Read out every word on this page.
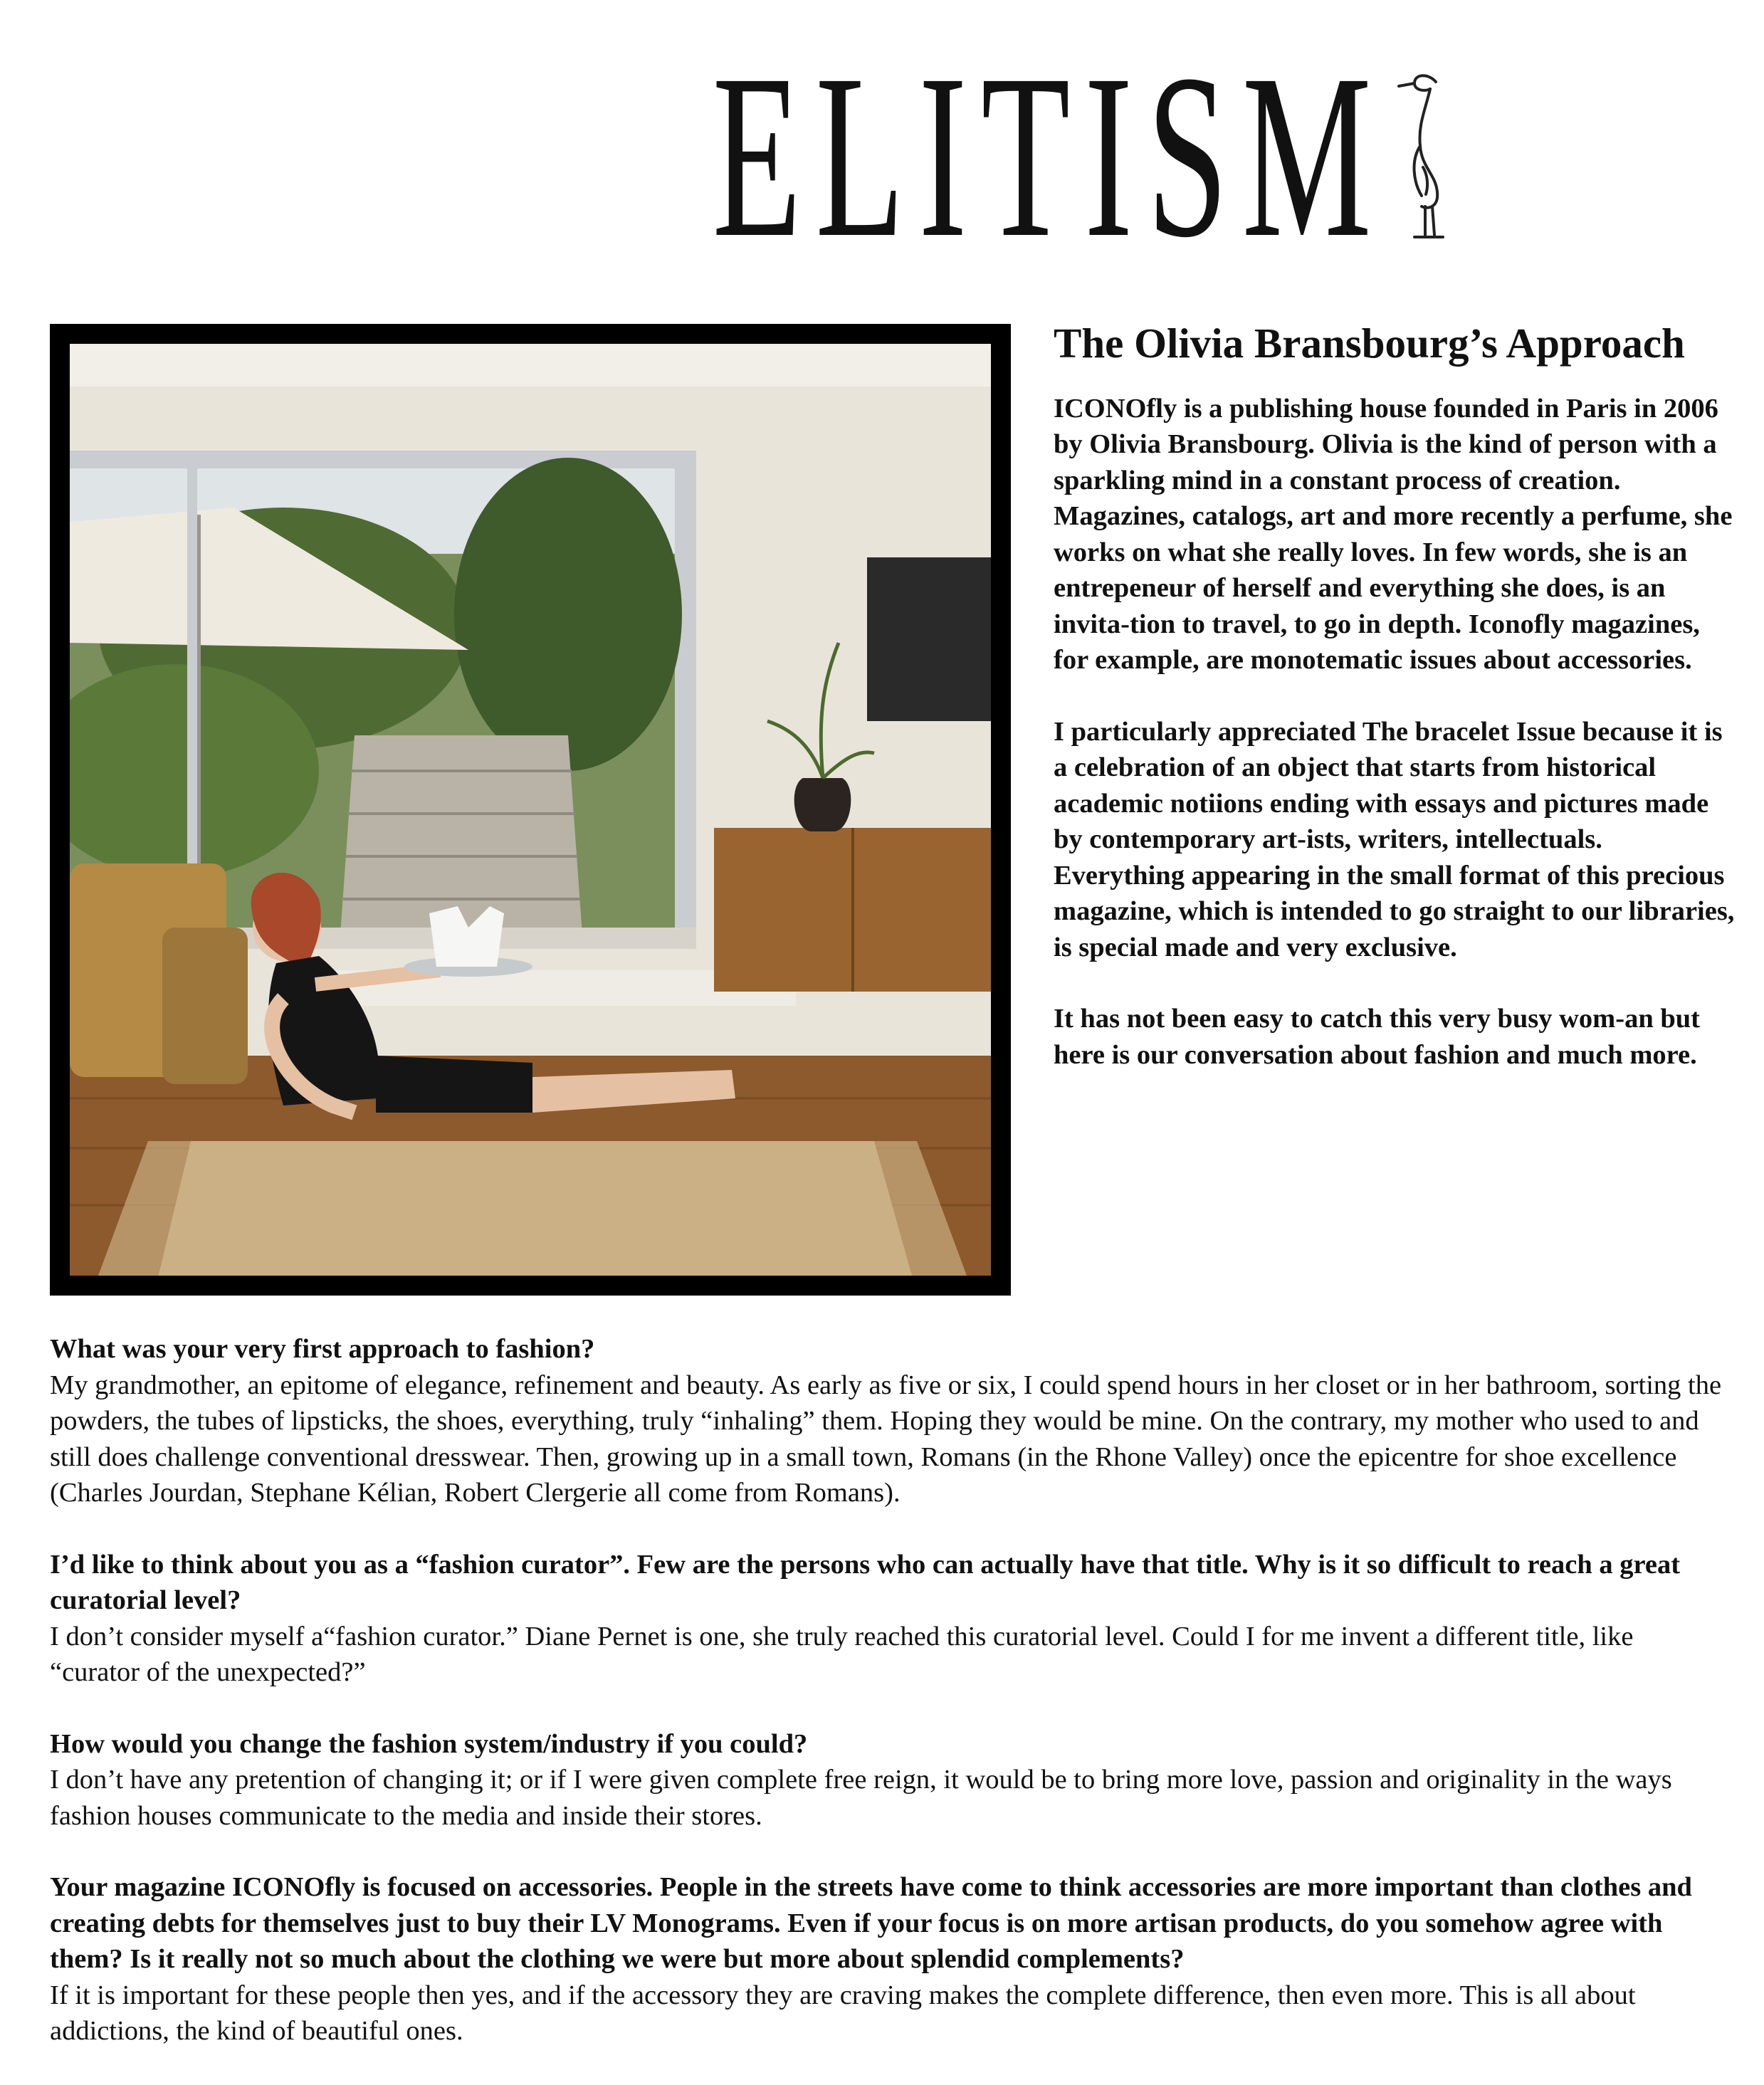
ELITISM
The Olivia Bransbourg’s Approach

ICONOfly is a publishing house founded in Paris in 2006 by Olivia Bransbourg. Olivia is the kind of person with a sparkling mind in a constant process of creation. Magazines, catalogs, art and more recently a perfume, she works on what she really loves. In few words, she is an entrepeneur of herself and everything she does, is an invita-tion to travel, to go in depth. Iconofly magazines, for example, are monotematic issues about accessories.

I particularly appreciated The bracelet Issue because it is a celebration of an object that starts from historical academic notiions ending with essays and pictures made by contemporary art-ists, writers, intellectuals. Everything appearing in the small format of this precious magazine, which is intended to go straight to our libraries, is special made and very exclusive.

It has not been easy to catch this very busy wom-an but here is our conversation about fashion and much more.

What was your very first approach to fashion?
My grandmother, an epitome of elegance, refinement and beauty. As early as five or six, I could spend hours in her closet or in her bathroom, sorting the powders, the tubes of lipsticks, the shoes, everything, truly “inhaling” them. Hoping they would be mine. On the contrary, my mother who used to and still does challenge conventional dresswear. Then, growing up in a small town, Romans (in the Rhone Valley) once the epicentre for shoe excellence (Charles Jourdan, Stephane Kélian, Robert Clergerie all come from Romans).
I’d like to think about you as a “fashion curator”. Few are the persons who can actually have that title. Why is it so difficult to reach a great curatorial level?
I don’t consider myself a“fashion curator.” Diane Pernet is one, she truly reached this curatorial level. Could I for me invent a different title, like “curator of the unexpected?”
How would you change the fashion system/industry if you could?
I don’t have any pretention of changing it; or if I were given complete free reign, it would be to bring more love, passion and originality in the ways fashion houses communicate to the media and inside their stores.
Your magazine ICONOfly is focused on accessories. People in the streets have come to think accessories are more important than clothes and creating debts for themselves just to buy their LV Monograms. Even if your focus is on more artisan products, do you somehow agree with them? Is it really not so much about the clothing we were but more about splendid complements?
If it is important for these people then yes, and if the accessory they are craving makes the complete difference, then even more. This is all about addictions, the kind of beautiful ones.
